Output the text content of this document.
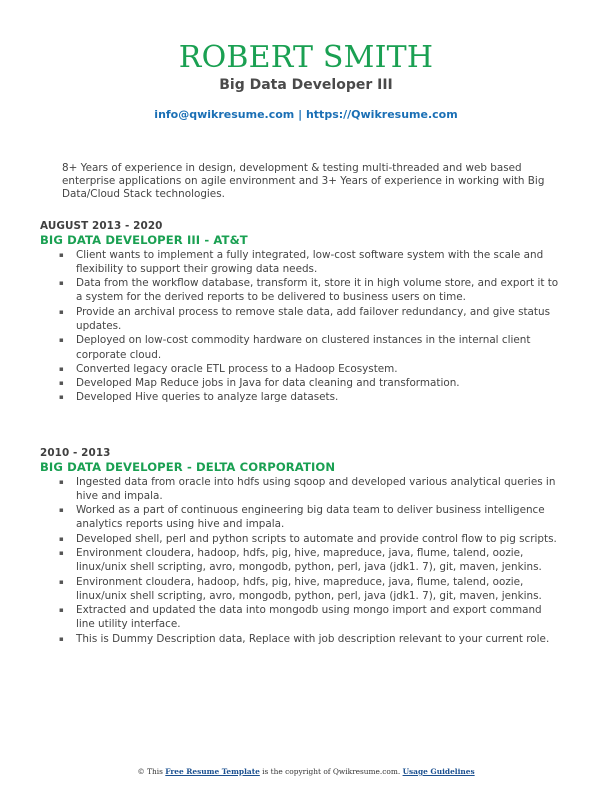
ROBERT SMITH
Big Data Developer III
info@qwikresume.com | https://Qwikresume.com
8+ Years of experience in design, development & testing multi-threaded and web based enterprise applications on agile environment and 3+ Years of experience in working with Big Data/Cloud Stack technologies.
AUGUST 2013 - 2020
BIG DATA DEVELOPER III - AT&T
▪ Client wants to implement a fully integrated, low-cost software system with the scale and flexibility to support their growing data needs.
▪ Data from the workflow database, transform it, store it in high volume store, and export it to a system for the derived reports to be delivered to business users on time.
▪ Provide an archival process to remove stale data, add failover redundancy, and give status updates.
▪ Deployed on low-cost commodity hardware on clustered instances in the internal client corporate cloud.
▪ Converted legacy oracle ETL process to a Hadoop Ecosystem.
▪ Developed Map Reduce jobs in Java for data cleaning and transformation.
▪ Developed Hive queries to analyze large datasets.
2010 - 2013
BIG DATA DEVELOPER - DELTA CORPORATION
▪ Ingested data from oracle into hdfs using sqoop and developed various analytical queries in hive and impala.
▪ Worked as a part of continuous engineering big data team to deliver business intelligence analytics reports using hive and impala.
▪ Developed shell, perl and python scripts to automate and provide control flow to pig scripts.
▪ Environment cloudera, hadoop, hdfs, pig, hive, mapreduce, java, flume, talend, oozie, linux/unix shell scripting, avro, mongodb, python, perl, java (jdk1. 7), git, maven, jenkins.
▪ Environment cloudera, hadoop, hdfs, pig, hive, mapreduce, java, flume, talend, oozie, linux/unix shell scripting, avro, mongodb, python, perl, java (jdk1. 7), git, maven, jenkins.
▪ Extracted and updated the data into mongodb using mongo import and export command line utility interface.
▪ This is Dummy Description data, Replace with job description relevant to your current role.
© This Free Resume Template is the copyright of Qwikresume.com. Usage Guidelines
